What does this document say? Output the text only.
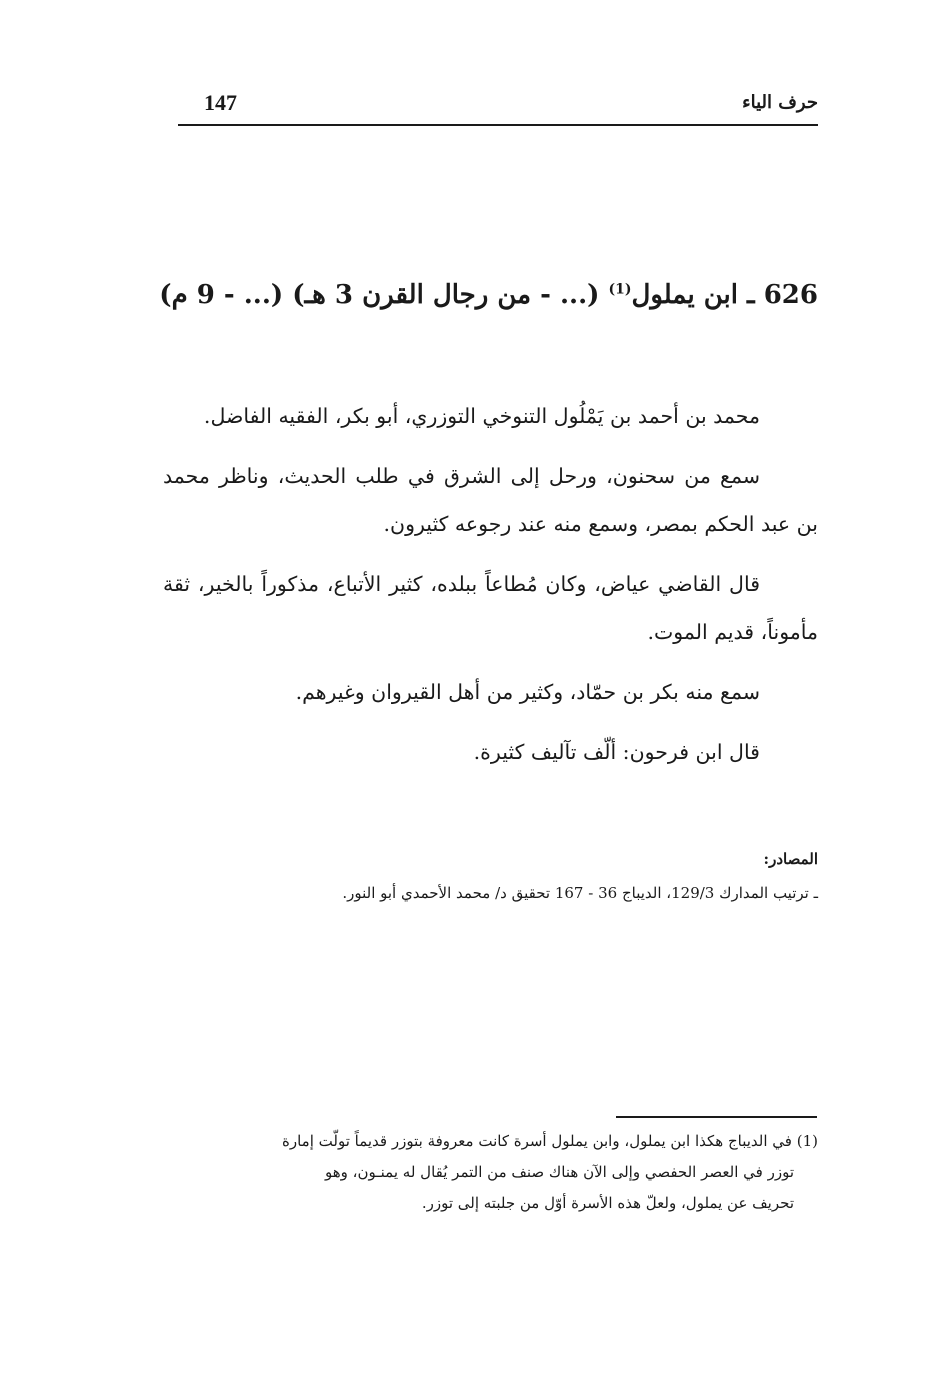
147	حرف الياء
626 ـ ابن يملول$^{(1)}$ (... - من رجال القرن 3 هـ) (... - 9 م)

محمد بن أحمد بن يَمْلُول التنوخي التوزري، أبو بكر، الفقيه الفاضل.

سمع من سحنون، ورحل إلى الشرق في طلب الحديث، وناظر محمد بن عبد الحكم بمصر، وسمع منه عند رجوعه كثيرون.

قال القاضي عياض، وكان مُطاعاً ببلده، كثير الأتباع، مذكوراً بالخير، ثقة مأموناً، قديم الموت.

سمع منه بكر بن حمّاد، وكثير من أهل القيروان وغيرهم.

قال ابن فرحون: ألّف تآليف كثيرة.

المصادر:
ـ ترتيب المدارك 129/3، الديباج 36 - 167 تحقيق د/ محمد الأحمدي أبو النور.
(1) في الديباج هكذا ابن يملول، وابن يملول أسرة كانت معروفة بتوزر قديماً تولّت إمارة
توزر في العصر الحفصي وإلى الآن هناك صنف من التمر يُقال له يمنـون، وهو
تحريف عن يملول، ولعلّ هذه الأسرة أوّل من جلبته إلى توزر.
